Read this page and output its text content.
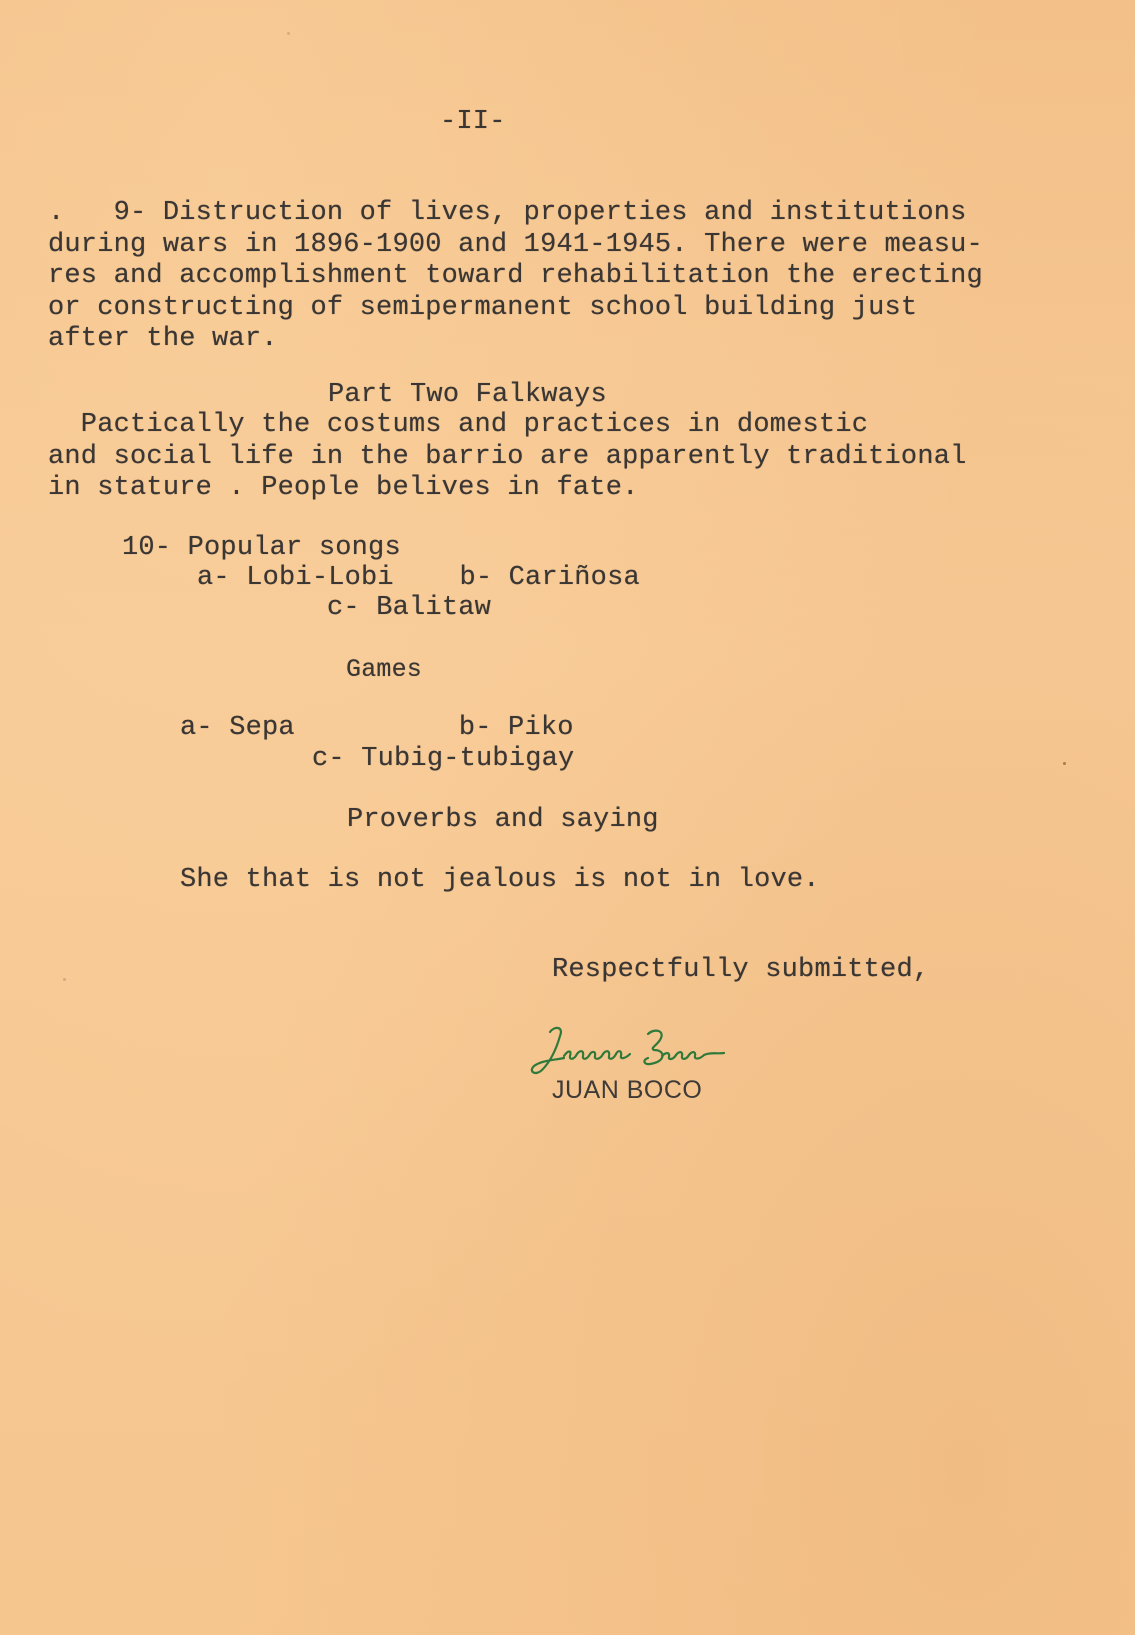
-II-
.   9- Distruction of lives, properties and institutions
during wars in 1896-1900 and 1941-1945. There were measu-
res and accomplishment toward rehabilitation the erecting
or constructing of semipermanent school building just
after the war.
Part Two Falkways
Pactically the costums and practices in domestic
and social life in the barrio are apparently traditional
in stature . People belives in fate.
10- Popular songs
a- Lobi-Lobi    b- Cariñosa
c- Balitaw
Games
a- Sepa          b- Piko
c- Tubig-tubigay
Proverbs and saying
She that is not jealous is not in love.
Respectfully submitted,
JUAN BOCO
